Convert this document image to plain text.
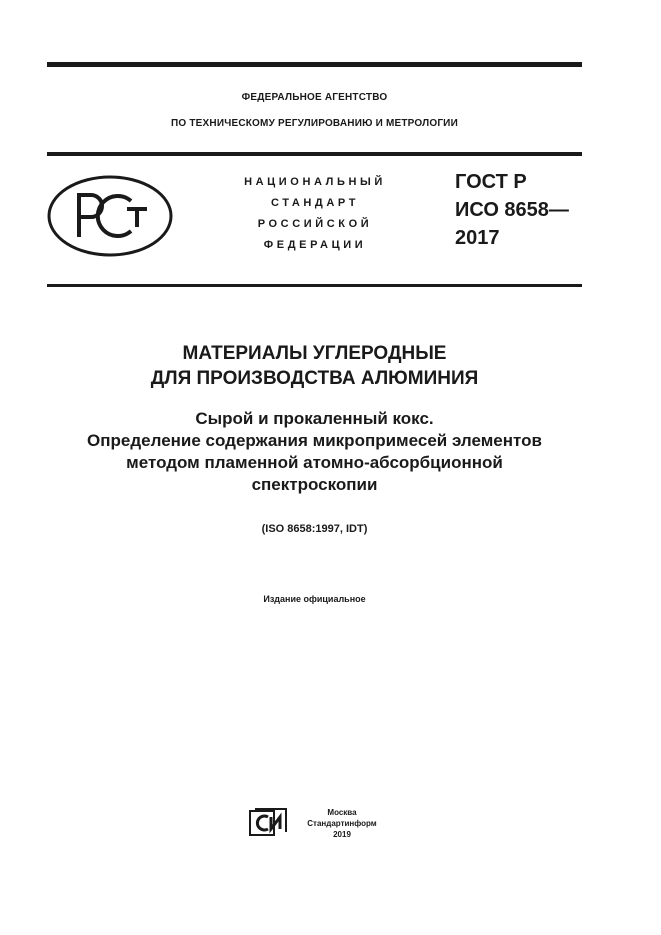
ФЕДЕРАЛЬНОЕ АГЕНТСТВО
ПО ТЕХНИЧЕСКОМУ РЕГУЛИРОВАНИЮ И МЕТРОЛОГИИ
НАЦИОНАЛЬНЫЙ
СТАНДАРТ
РОССИЙСКОЙ
ФЕДЕРАЦИИ
ГОСТ Р
ИСО 8658—
2017
МАТЕРИАЛЫ УГЛЕРОДНЫЕ
ДЛЯ ПРОИЗВОДСТВА АЛЮМИНИЯ
Сырой и прокаленный кокс.
Определение содержания микропримесей элементов
методом пламенной атомно-абсорбционной
спектроскопии
(ISO 8658:1997, IDT)
Издание официальное
Москва
Стандартинформ
2019
